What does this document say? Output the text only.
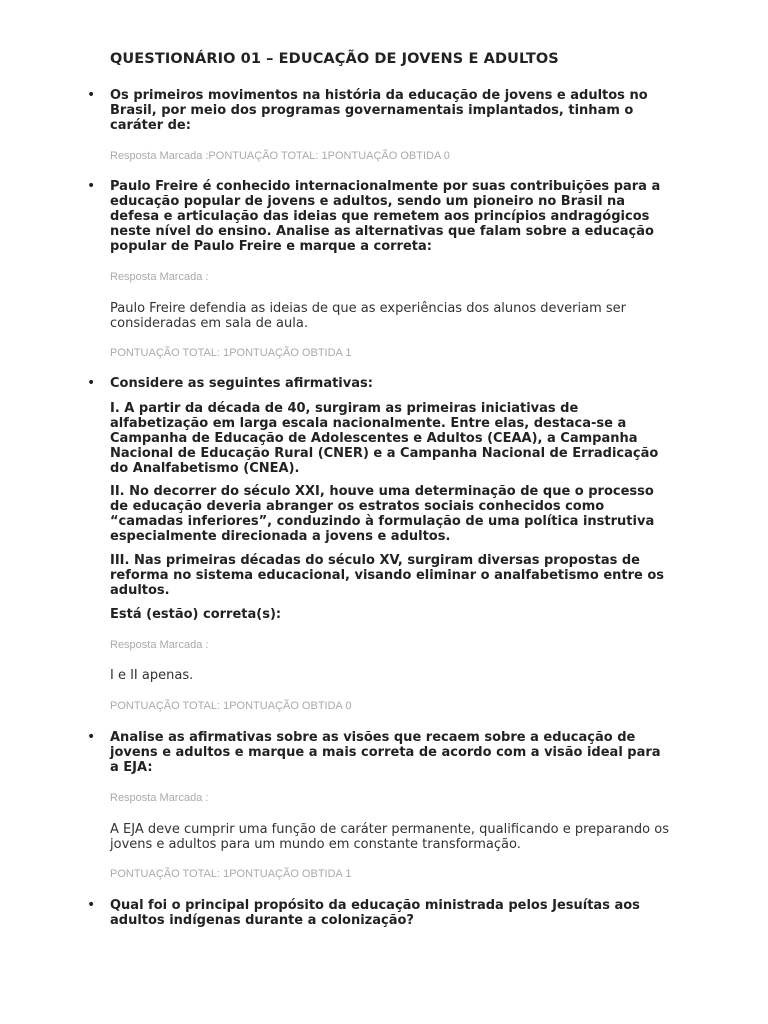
QUESTIONÁRIO 01 – EDUCAÇÃO DE JOVENS E ADULTOS
• Os primeiros movimentos na história da educação de jovens e adultos no Brasil, por meio dos programas governamentais implantados, tinham o caráter de:
Resposta Marcada :PONTUAÇÃO TOTAL: 1PONTUAÇÃO OBTIDA 0
• Paulo Freire é conhecido internacionalmente por suas contribuições para a educação popular de jovens e adultos, sendo um pioneiro no Brasil na defesa e articulação das ideias que remetem aos princípios andragógicos neste nível do ensino. Analise as alternativas que falam sobre a educação popular de Paulo Freire e marque a correta:
Resposta Marcada :
Paulo Freire defendia as ideias de que as experiências dos alunos deveriam ser consideradas em sala de aula.
PONTUAÇÃO TOTAL: 1PONTUAÇÃO OBTIDA 1
• Considere as seguintes afirmativas:
I. A partir da década de 40, surgiram as primeiras iniciativas de alfabetização em larga escala nacionalmente. Entre elas, destaca-se a Campanha de Educação de Adolescentes e Adultos (CEAA), a Campanha Nacional de Educação Rural (CNER) e a Campanha Nacional de Erradicação do Analfabetismo (CNEA).
II. No decorrer do século XXI, houve uma determinação de que o processo de educação deveria abranger os estratos sociais conhecidos como “camadas inferiores”, conduzindo à formulação de uma política instrutiva especialmente direcionada a jovens e adultos.
III. Nas primeiras décadas do século XV, surgiram diversas propostas de reforma no sistema educacional, visando eliminar o analfabetismo entre os adultos.
Está (estão) correta(s):
Resposta Marcada :
I e II apenas.
PONTUAÇÃO TOTAL: 1PONTUAÇÃO OBTIDA 0
• Analise as afirmativas sobre as visões que recaem sobre a educação de jovens e adultos e marque a mais correta de acordo com a visão ideal para a EJA:
Resposta Marcada :
A EJA deve cumprir uma função de caráter permanente, qualificando e preparando os jovens e adultos para um mundo em constante transformação.
PONTUAÇÃO TOTAL: 1PONTUAÇÃO OBTIDA 1
• Qual foi o principal propósito da educação ministrada pelos Jesuítas aos adultos indígenas durante a colonização?
